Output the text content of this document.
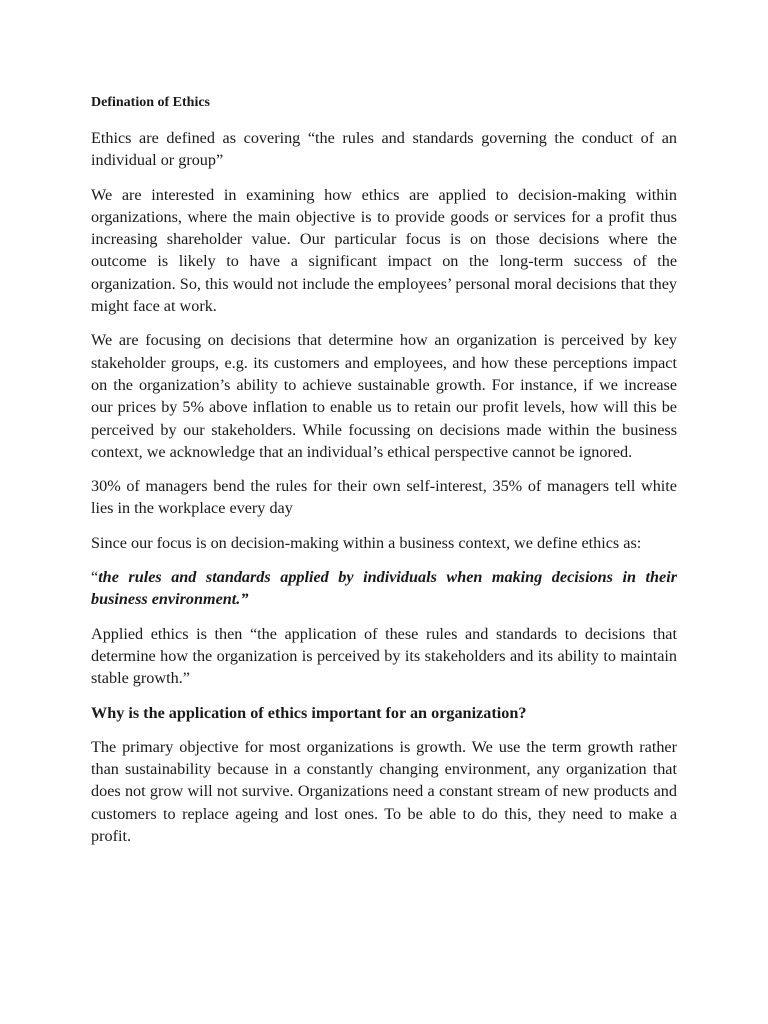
Defination of Ethics

Ethics are defined as covering “the rules and standards governing the conduct of an individual or group”

We are interested in examining how ethics are applied to decision-making within organizations, where the main objective is to provide goods or services for a profit thus increasing shareholder value. Our particular focus is on those decisions where the outcome is likely to have a significant impact on the long-term success of the organization. So, this would not include the employees’ personal moral decisions that they might face at work.

We are focusing on decisions that determine how an organization is perceived by key stakeholder groups, e.g. its customers and employees, and how these perceptions impact on the organization’s ability to achieve sustainable growth. For instance, if we increase our prices by 5% above inflation to enable us to retain our profit levels, how will this be perceived by our stakeholders. While focussing on decisions made within the business context, we acknowledge that an individual’s ethical perspective cannot be ignored.

30% of managers bend the rules for their own self-interest, 35% of managers tell white lies in the workplace every day

Since our focus is on decision-making within a business context, we define ethics as:

“the rules and standards applied by individuals when making decisions in their business environment.”

Applied ethics is then “the application of these rules and standards to decisions that determine how the organization is perceived by its stakeholders and its ability to maintain stable growth.”

Why is the application of ethics important for an organization?

The primary objective for most organizations is growth. We use the term growth rather than sustainability because in a constantly changing environment, any organization that does not grow will not survive. Organizations need a constant stream of new products and customers to replace ageing and lost ones. To be able to do this, they need to make a profit.
